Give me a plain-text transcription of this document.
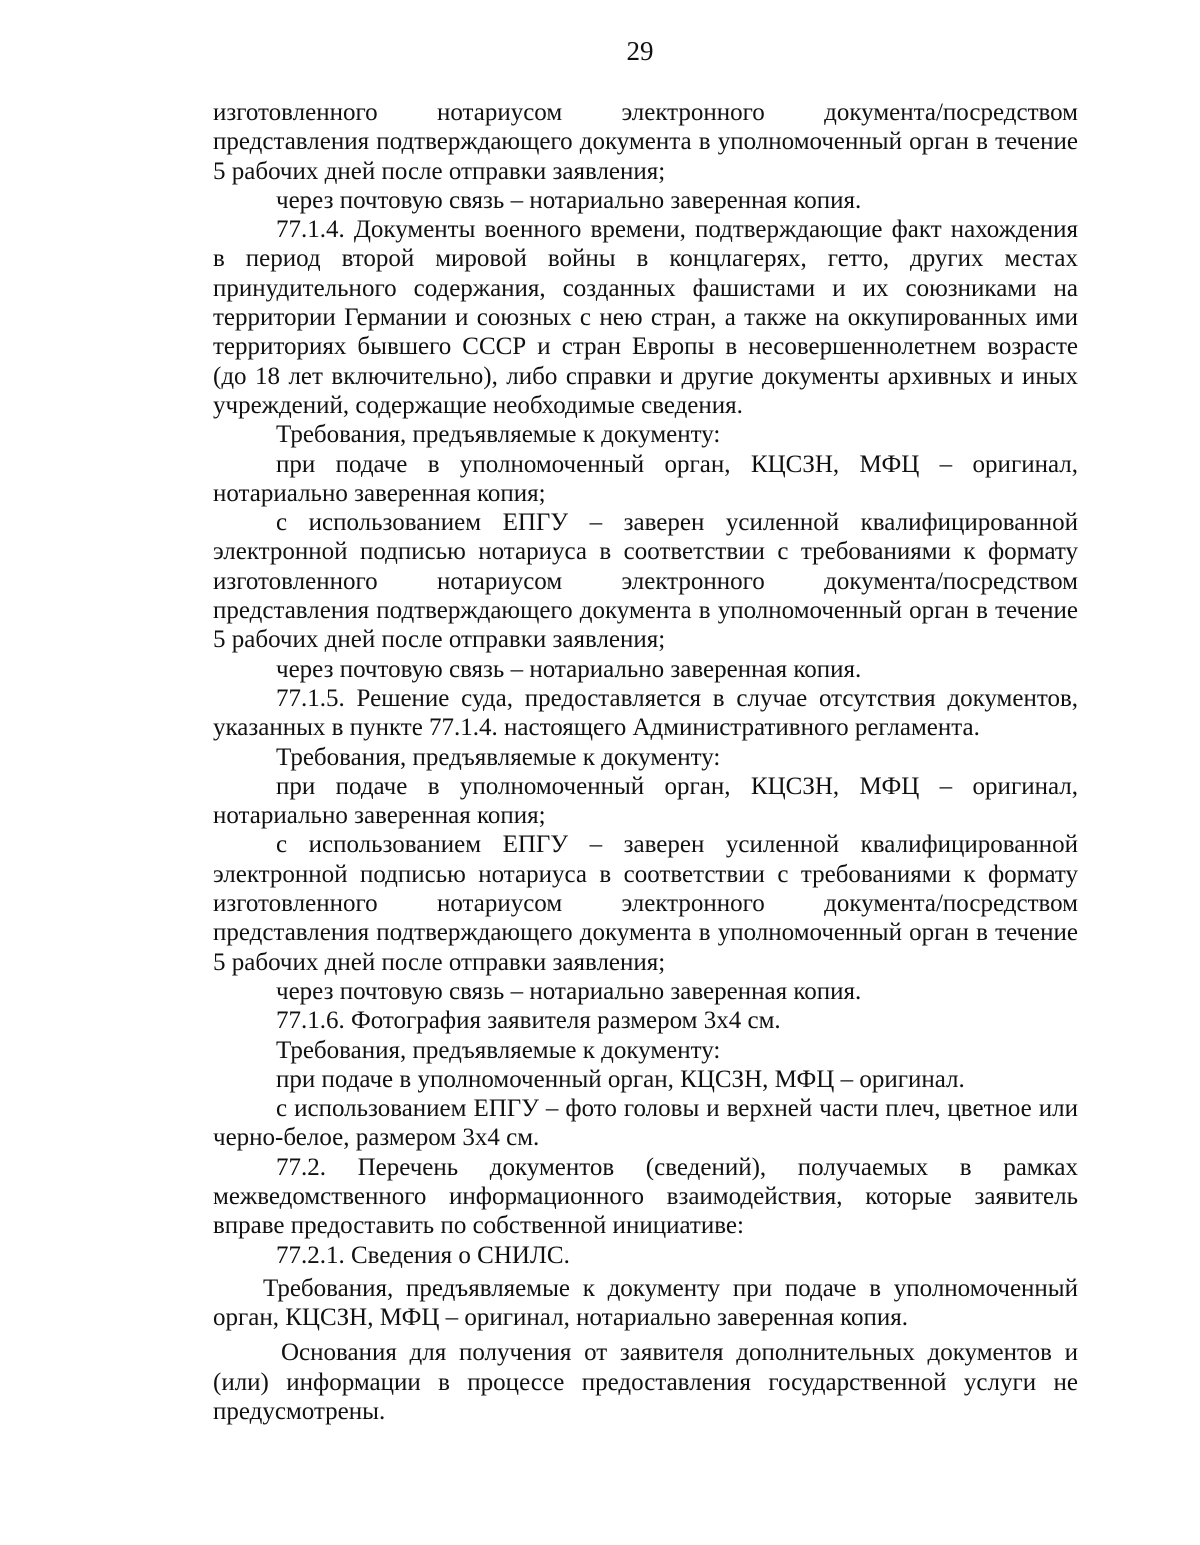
29

изготовленного нотариусом электронного документа/посредством представления подтверждающего документа в уполномоченный орган в течение 5 рабочих дней после отправки заявления;

через почтовую связь – нотариально заверенная копия.

77.1.4. Документы военного времени, подтверждающие факт нахождения в период второй мировой войны в концлагерях, гетто, других местах принудительного содержания, созданных фашистами и их союзниками на территории Германии и союзных с нею стран, а также на оккупированных ими территориях бывшего СССР и стран Европы в несовершеннолетнем возрасте (до 18 лет включительно), либо справки и другие документы архивных и иных учреждений, содержащие необходимые сведения.

Требования, предъявляемые к документу:

при подаче в уполномоченный орган, КЦСЗН, МФЦ – оригинал, нотариально заверенная копия;

с использованием ЕПГУ – заверен усиленной квалифицированной электронной подписью нотариуса в соответствии с требованиями к формату изготовленного нотариусом электронного документа/посредством представления подтверждающего документа в уполномоченный орган в течение 5 рабочих дней после отправки заявления;

через почтовую связь – нотариально заверенная копия.

77.1.5. Решение суда, предоставляется в случае отсутствия документов, указанных в пункте 77.1.4. настоящего Административного регламента.

Требования, предъявляемые к документу:

при подаче в уполномоченный орган, КЦСЗН, МФЦ – оригинал, нотариально заверенная копия;

с использованием ЕПГУ – заверен усиленной квалифицированной электронной подписью нотариуса в соответствии с требованиями к формату изготовленного нотариусом электронного документа/посредством представления подтверждающего документа в уполномоченный орган в течение 5 рабочих дней после отправки заявления;

через почтовую связь – нотариально заверенная копия.

77.1.6. Фотография заявителя размером 3х4 см.

Требования, предъявляемые к документу:

при подаче в уполномоченный орган, КЦСЗН, МФЦ – оригинал.

с использованием ЕПГУ – фото головы и верхней части плеч, цветное или черно-белое, размером 3х4 см.

77.2. Перечень документов (сведений), получаемых в рамках межведомственного информационного взаимодействия, которые заявитель вправе предоставить по собственной инициативе:

77.2.1. Сведения о СНИЛС.

Требования, предъявляемые к документу при подаче в уполномоченный орган, КЦСЗН, МФЦ – оригинал, нотариально заверенная копия.

Основания для получения от заявителя дополнительных документов и (или) информации в процессе предоставления государственной услуги не предусмотрены.
